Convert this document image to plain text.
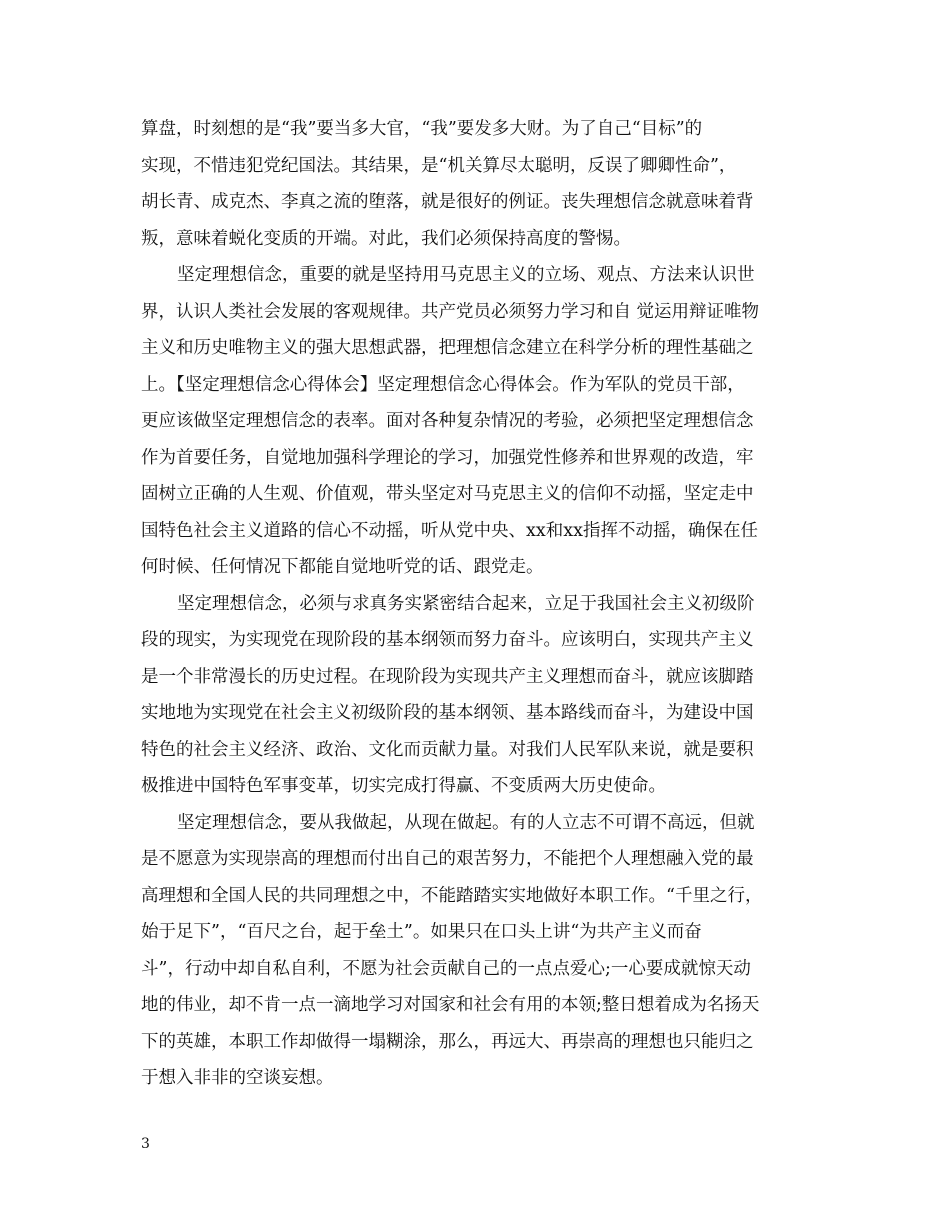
算盘，时刻想的是“我”要当多大官，“我”要发多大财。为了自己“目标”的
实现，不惜违犯党纪国法。其结果，是“机关算尽太聪明，反误了卿卿性命”，
胡长青、成克杰、李真之流的堕落，就是很好的例证。丧失理想信念就意味着背
叛，意味着蜕化变质的开端。对此，我们必须保持高度的警惕。
坚定理想信念，重要的就是坚持用马克思主义的立场、观点、方法来认识世
界，认识人类社会发展的客观规律。共产党员必须努力学习和自 觉运用辩证唯物
主义和历史唯物主义的强大思想武器，把理想信念建立在科学分析的理性基础之
上。【坚定理想信念心得体会】坚定理想信念心得体会。作为军队的党员干部，
更应该做坚定理想信念的表率。面对各种复杂情况的考验，必须把坚定理想信念
作为首要任务，自觉地加强科学理论的学习，加强党性修养和世界观的改造，牢
固树立正确的人生观、价值观，带头坚定对马克思主义的信仰不动摇，坚定走中
国特色社会主义道路的信心不动摇，听从党中央、xx和xx指挥不动摇，确保在任
何时候、任何情况下都能自觉地听党的话、跟党走。
坚定理想信念，必须与求真务实紧密结合起来，立足于我国社会主义初级阶
段的现实，为实现党在现阶段的基本纲领而努力奋斗。应该明白，实现共产主义
是一个非常漫长的历史过程。在现阶段为实现共产主义理想而奋斗，就应该脚踏
实地地为实现党在社会主义初级阶段的基本纲领、基本路线而奋斗，为建设中国
特色的社会主义经济、政治、文化而贡献力量。对我们人民军队来说，就是要积
极推进中国特色军事变革，切实完成打得赢、不变质两大历史使命。
坚定理想信念，要从我做起，从现在做起。有的人立志不可谓不高远，但就
是不愿意为实现崇高的理想而付出自己的艰苦努力，不能把个人理想融入党的最
高理想和全国人民的共同理想之中，不能踏踏实实地做好本职工作。“千里之行，
始于足下”，“百尺之台，起于垒土”。如果只在口头上讲“为共产主义而奋
斗”，行动中却自私自利，不愿为社会贡献自己的一点点爱心;一心要成就惊天动
地的伟业，却不肯一点一滴地学习对国家和社会有用的本领;整日想着成为名扬天
下的英雄，本职工作却做得一塌糊涂，那么，再远大、再崇高的理想也只能归之
于想入非非的空谈妄想。
3
